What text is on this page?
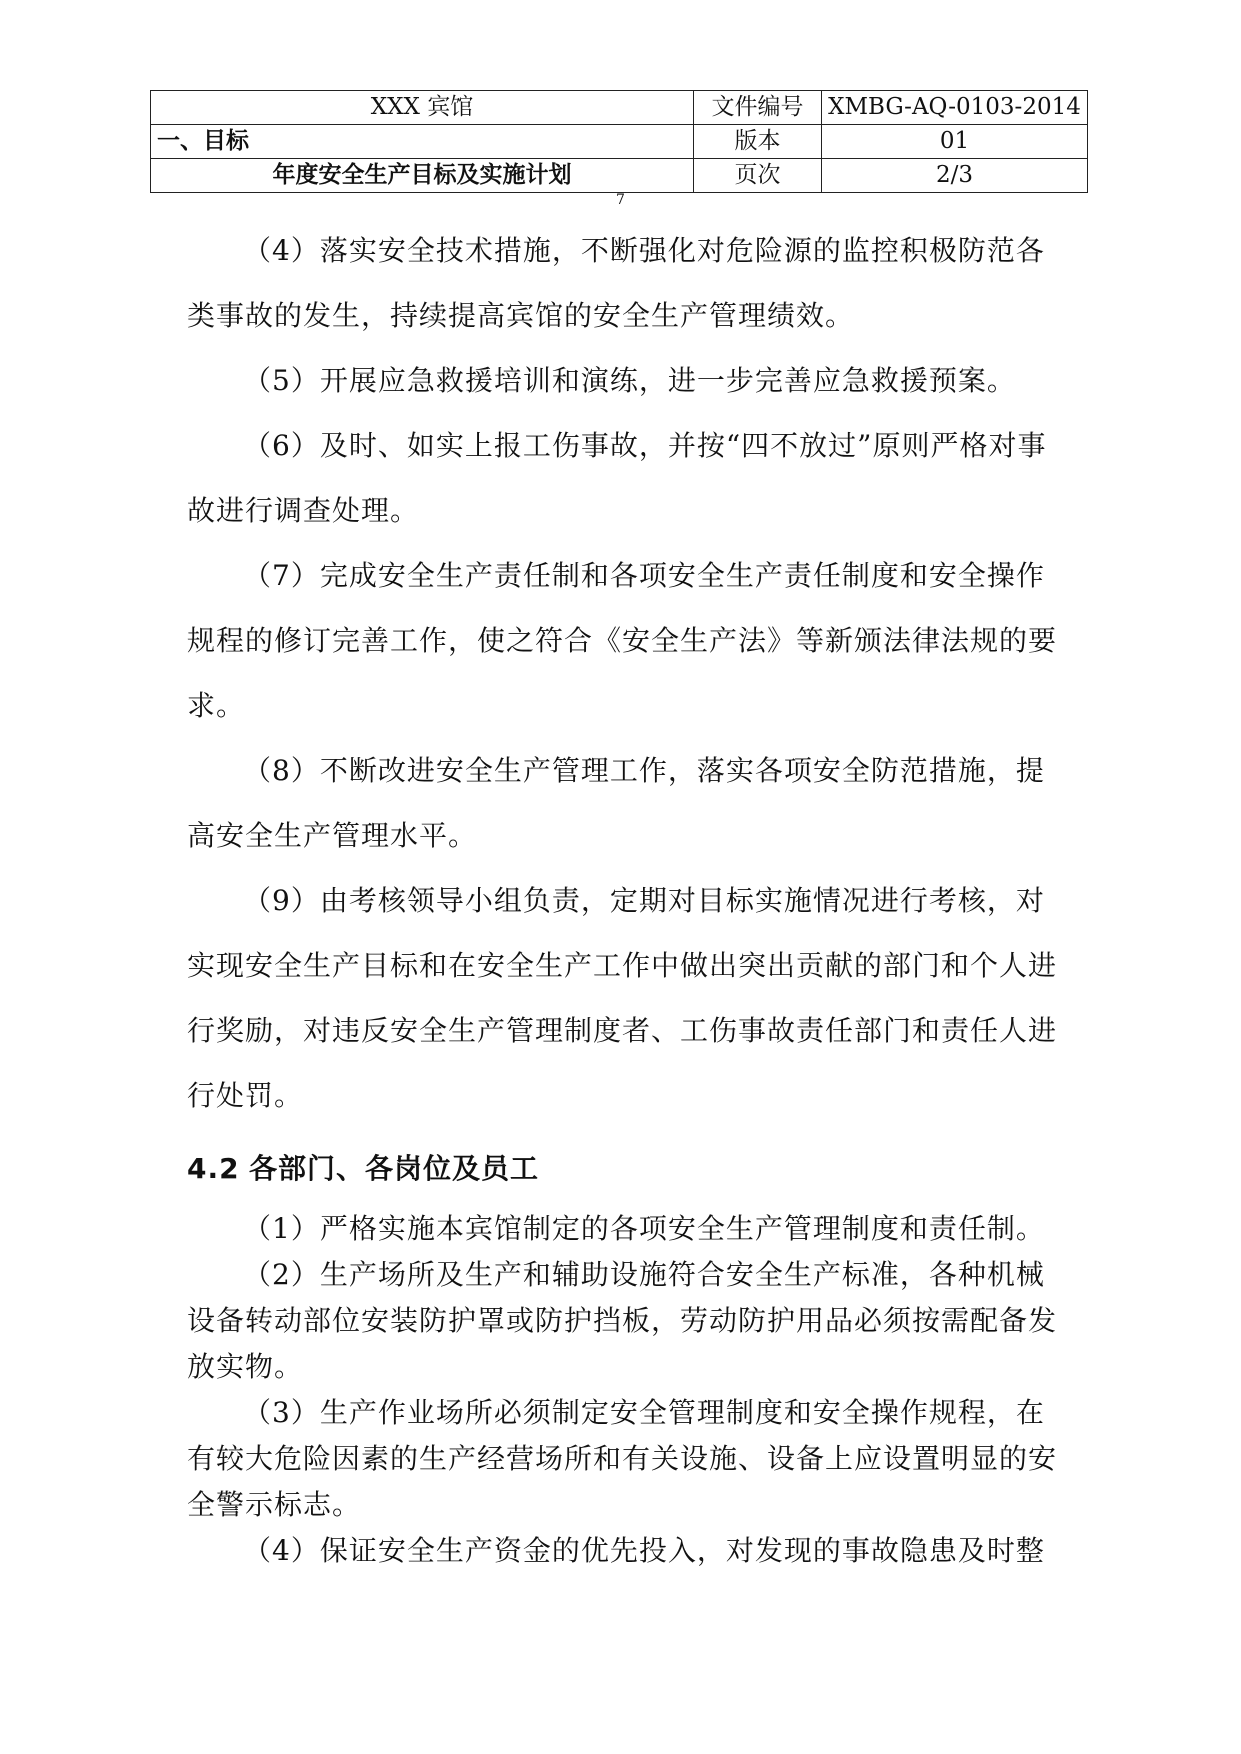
XXX 宾馆	文件编号	XMBG-AQ-0103-2014
一、目标	版本	01
年度安全生产目标及实施计划	页次	2/3
7

（4）落实安全技术措施，不断强化对危险源的监控积极防范各类事故的发生，持续提高宾馆的安全生产管理绩效。

（5）开展应急救援培训和演练，进一步完善应急救援预案。

（6）及时、如实上报工伤事故，并按“四不放过”原则严格对事故进行调查处理。

（7）完成安全生产责任制和各项安全生产责任制度和安全操作规程的修订完善工作，使之符合《安全生产法》等新颁法律法规的要求。

（8）不断改进安全生产管理工作，落实各项安全防范措施，提高安全生产管理水平。

（9）由考核领导小组负责，定期对目标实施情况进行考核，对实现安全生产目标和在安全生产工作中做出突出贡献的部门和个人进行奖励，对违反安全生产管理制度者、工伤事故责任部门和责任人进行处罚。

4.2 各部门、各岗位及员工

（1）严格实施本宾馆制定的各项安全生产管理制度和责任制。

（2）生产场所及生产和辅助设施符合安全生产标准，各种机械设备转动部位安装防护罩或防护挡板，劳动防护用品必须按需配备发放实物。

（3）生产作业场所必须制定安全管理制度和安全操作规程，在有较大危险因素的生产经营场所和有关设施、设备上应设置明显的安全警示标志。

（4）保证安全生产资金的优先投入，对发现的事故隐患及时整
